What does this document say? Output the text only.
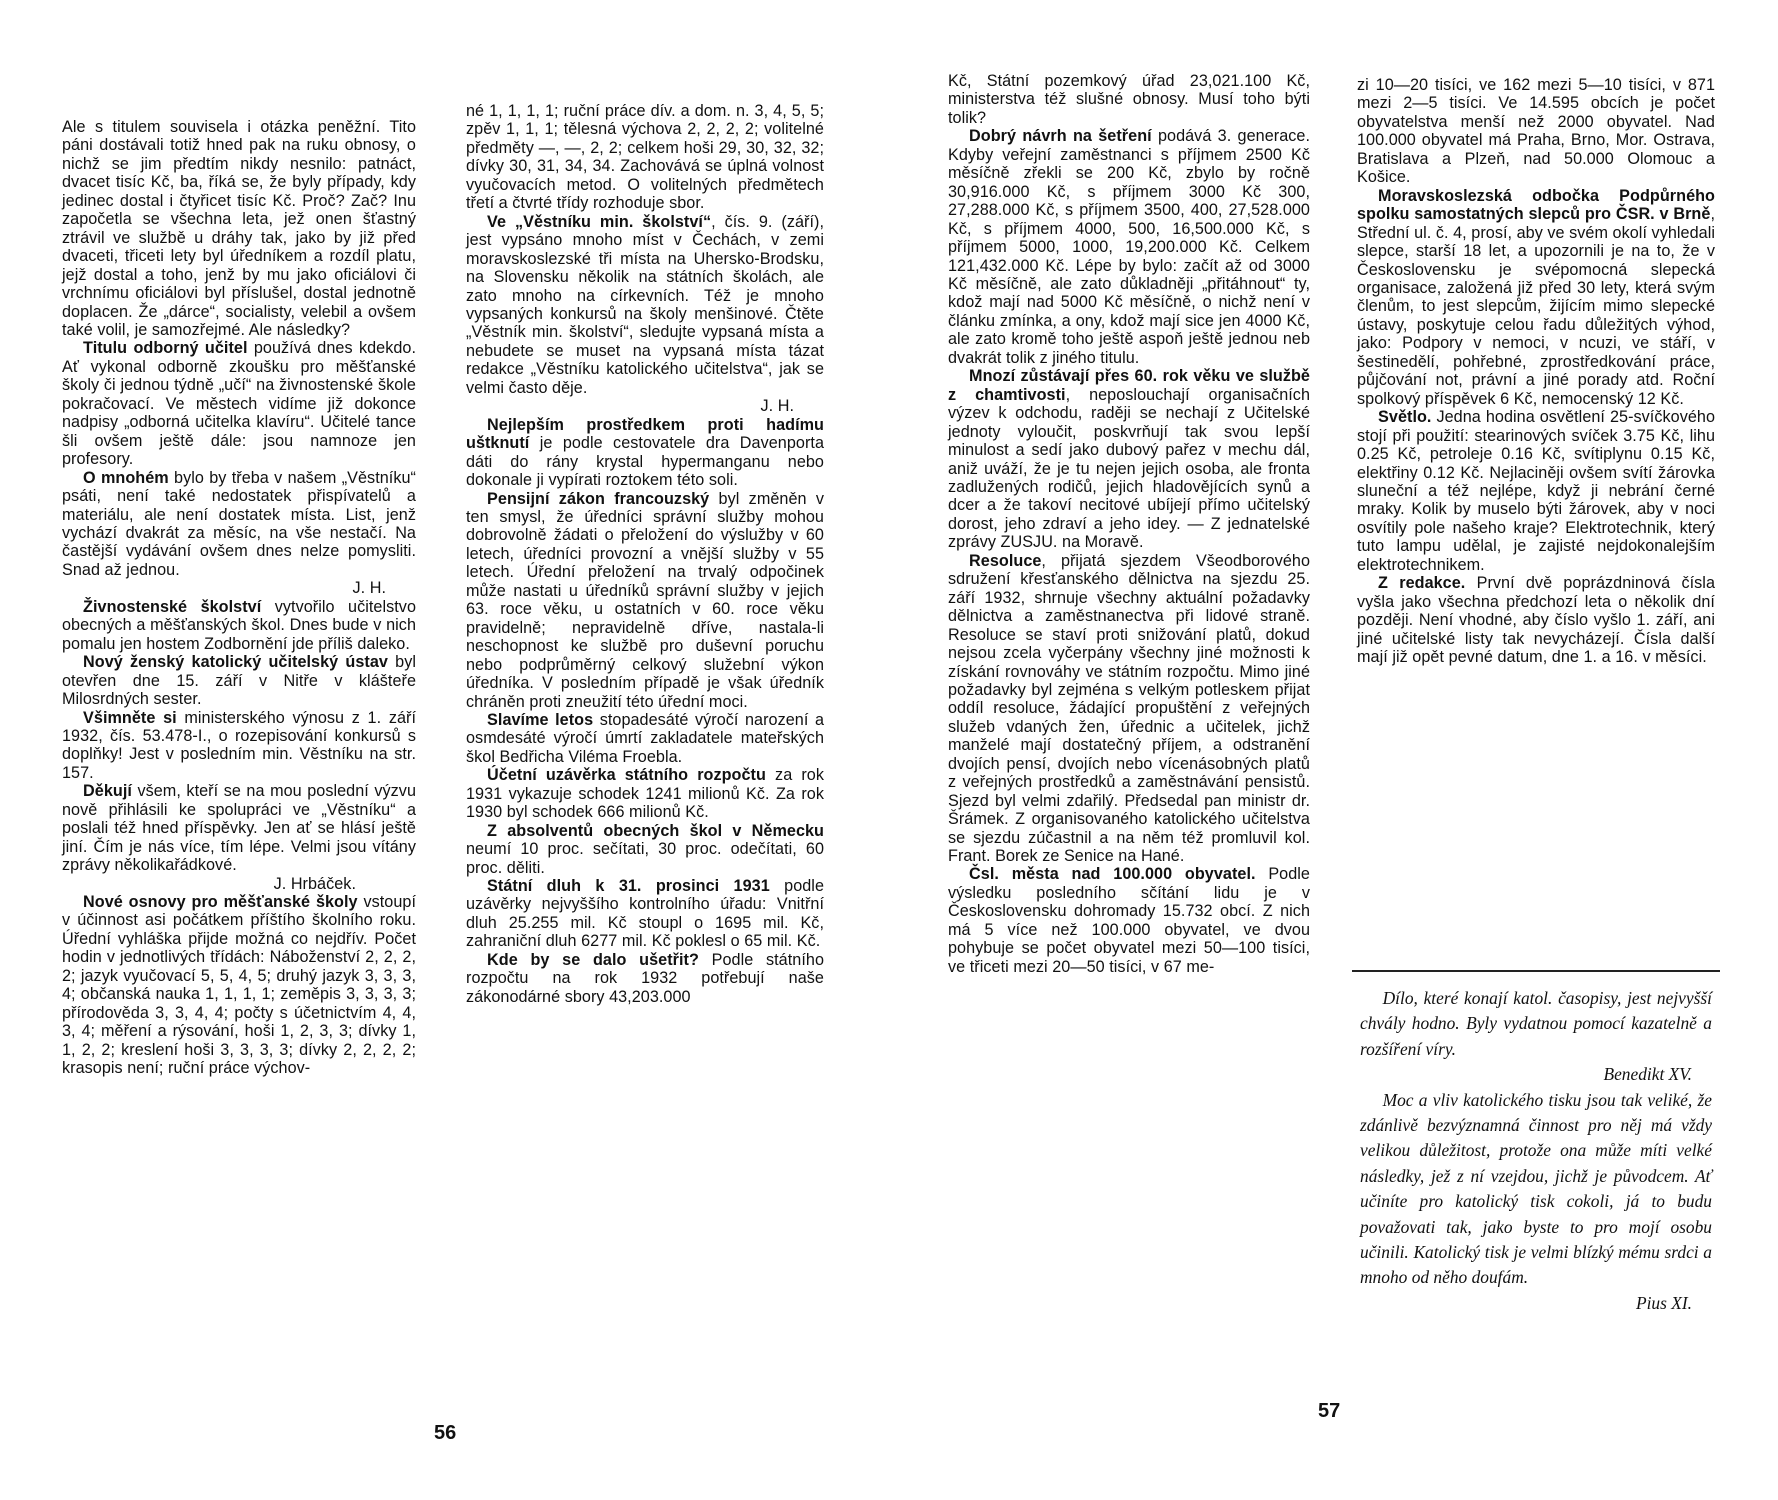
Ale s titulem souvisela i otázka peněžní. Tito páni dostávali totiž hned pak na ruku obnosy, o nichž se jim předtím nikdy nesnilo: patnáct, dvacet tisíc Kč, ba, říká se, že byly případy, kdy jedinec dostal i čtyřicet tisíc Kč. Proč? Zač? Inu započetla se všechna leta, jež onen šťastný ztrávil ve službě u dráhy tak, jako by již před dvaceti, třiceti lety byl úředníkem a rozdíl platu, jejž dostal a toho, jenž by mu jako oficiálovi či vrchnímu oficiálovi byl příslušel, dostal jednotně doplacen. Že „dárce“, socialisty, velebil a ovšem také volil, je samozřejmé. Ale následky?

Titulu odborný učitel používá dnes kdekdo. Ať vykonal odborně zkoušku pro měšťanské školy či jednou týdně „učí“ na živnostenské škole pokračovací. Ve městech vidíme již dokonce nadpisy „odborná učitelka klavíru“. Učitelé tance šli ovšem ještě dále: jsou namnoze jen profesory.

O mnohém bylo by třeba v našem „Věstníku“ psáti, není také nedostatek přispívatelů a materiálu, ale není dostatek místa. List, jenž vychází dvakrát za měsíc, na vše nestačí. Na častější vydávání ovšem dnes nelze pomysliti. Snad až jednou.

J. H.

Živnostenské školství vytvořilo učitelstvo obecných a měšťanských škol. Dnes bude v nich pomalu jen hostem Zodbornění jde příliš daleko.

Nový ženský katolický učitelský ústav byl otevřen dne 15. září v Nitře v klášteře Milosrdných sester.

Všimněte si ministerského výnosu z 1. září 1932, čís. 53.478-I., o rozepisování konkursů s doplňky! Jest v posledním min. Věstníku na str. 157.

Děkují všem, kteří se na mou poslední výzvu nově přihlásili ke spolupráci ve „Věstníku“ a poslali též hned příspěvky. Jen ať se hlásí ještě jiní. Čím je nás více, tím lépe. Velmi jsou vítány zprávy několikařádkové.

J. Hrbáček.

Nové osnovy pro měšťanské školy vstoupí v účinnost asi počátkem příštího školního roku. Úřední vyhláška přijde možná co nejdřív. Počet hodin v jednotlivých třídách: Náboženství 2, 2, 2, 2; jazyk vyučovací 5, 5, 4, 5; druhý jazyk 3, 3, 3, 4; občanská nauka 1, 1, 1, 1; zeměpis 3, 3, 3, 3; přírodověda 3, 3, 4, 4; počty s účetnictvím 4, 4, 3, 4; měření a rýsování, hoši 1, 2, 3, 3; dívky 1, 1, 2, 2; kreslení hoši 3, 3, 3, 3; dívky 2, 2, 2, 2; krasopis není; ruční práce výchov-

né 1, 1, 1, 1; ruční práce dív. a dom. n. 3, 4, 5, 5; zpěv 1, 1, 1; tělesná výchova 2, 2, 2, 2; volitelné předměty —, —, 2, 2; celkem hoši 29, 30, 32, 32; dívky 30, 31, 34, 34. Zachovává se úplná volnost vyučovacích metod. O volitelných předmětech třetí a čtvrté třídy rozhoduje sbor.

Ve „Věstníku min. školství“, čís. 9. (září), jest vypsáno mnoho míst v Čechách, v zemi moravskoslezské tři místa na Uhersko-Brodsku, na Slovensku několik na státních školách, ale zato mnoho na církevních. Též je mnoho vypsaných konkursů na školy menšinové. Čtěte „Věstník min. školství“, sledujte vypsaná místa a nebudete se muset na vypsaná místa tázat redakce „Věstníku katolického učitelstva“, jak se velmi často děje.

J. H.

Nejlepším prostředkem proti hadímu uštknutí je podle cestovatele dra Davenporta dáti do rány krystal hypermanganu nebo dokonale ji vypírati roztokem této soli.

Pensijní zákon francouzský byl změněn v ten smysl, že úředníci správní služby mohou dobrovolně žádati o přeložení do výslužby v 60 letech, úředníci provozní a vnější služby v 55 letech. Úřední přeložení na trvalý odpočinek může nastati u úředníků správní služby v jejich 63. roce věku, u ostatních v 60. roce věku pravidelně; nepravidelně dříve, nastala-li neschopnost ke službě pro duševní poruchu nebo podprůměrný celkový služební výkon úředníka. V posledním případě je však úředník chráněn proti zneužití této úřední moci.

Slavíme letos stopadesáté výročí narození a osmdesáté výročí úmrtí zakladatele mateřských škol Bedřicha Viléma Froebla.

Účetní uzávěrka státního rozpočtu za rok 1931 vykazuje schodek 1241 milionů Kč. Za rok 1930 byl schodek 666 milionů Kč.

Z absolventů obecných škol v Německu neumí 10 proc. sečítati, 30 proc. odečítati, 60 proc. děliti.

Státní dluh k 31. prosinci 1931 podle uzávěrky nejvyššího kontrolního úřadu: Vnitřní dluh 25.255 mil. Kč stoupl o 1695 mil. Kč, zahraniční dluh 6277 mil. Kč poklesl o 65 mil. Kč.

Kde by se dalo ušetřit? Podle státního rozpočtu na rok 1932 potřebují naše zákonodárné sbory 43,203.000

Kč, Státní pozemkový úřad 23,021.100 Kč, ministerstva též slušné obnosy. Musí toho býti tolik?

Dobrý návrh na šetření podává 3. generace. Kdyby veřejní zaměstnanci s příjmem 2500 Kč měsíčně zřekli se 200 Kč, zbylo by ročně 30,916.000 Kč, s příjmem 3000 Kč 300, 27,288.000 Kč, s příjmem 3500, 400, 27,528.000 Kč, s příjmem 4000, 500, 16,500.000 Kč, s příjmem 5000, 1000, 19,200.000 Kč. Celkem 121,432.000 Kč. Lépe by bylo: začít až od 3000 Kč měsíčně, ale zato důkladněji „přitáhnout“ ty, kdož mají nad 5000 Kč měsíčně, o nichž není v článku zmínka, a ony, kdož mají sice jen 4000 Kč, ale zato kromě toho ještě aspoň ještě jednou neb dvakrát tolik z jiného titulu.

Mnozí zůstávají přes 60. rok věku ve službě z chamtivosti, neposlouchají organisačních výzev k odchodu, raději se nechají z Učitelské jednoty vyloučit, poskvrňují tak svou lepší minulost a sedí jako dubový pařez v mechu dál, aniž uváží, že je tu nejen jejich osoba, ale fronta zadlužených rodičů, jejich hladovějících synů a dcer a že takoví necitové ubíjejí přímo učitelský dorost, jeho zdraví a jeho idey. — Z jednatelské zprávy ZUSJU. na Moravě.

Resoluce, přijatá sjezdem Všeodborového sdružení křesťanského dělnictva na sjezdu 25. září 1932, shrnuje všechny aktuální požadavky dělnictva a zaměstnanectva při lidové straně. Resoluce se staví proti snižování platů, dokud nejsou zcela vyčerpány všechny jiné možnosti k získání rovnováhy ve státním rozpočtu. Mimo jiné požadavky byl zejména s velkým potleskem přijat oddíl resoluce, žádající propuštění z veřejných služeb vdaných žen, úřednic a učitelek, jichž manželé mají dostatečný příjem, a odstranění dvojích pensí, dvojích nebo vícenásobných platů z veřejných prostředků a zaměstnávání pensistů. Sjezd byl velmi zdařilý. Předsedal pan ministr dr. Šrámek. Z organisovaného katolického učitelstva se sjezdu zúčastnil a na něm též promluvil kol. Frant. Borek ze Senice na Hané.

Čsl. města nad 100.000 obyvatel. Podle výsledku posledního sčítání lidu je v Československu dohromady 15.732 obcí. Z nich má 5 více než 100.000 obyvatel, ve dvou pohybuje se počet obyvatel mezi 50—100 tisíci, ve třiceti mezi 20—50 tisíci, v 67 me-

zi 10—20 tisíci, ve 162 mezi 5—10 tisíci, v 871 mezi 2—5 tisíci. Ve 14.595 obcích je počet obyvatelstva menší než 2000 obyvatel. Nad 100.000 obyvatel má Praha, Brno, Mor. Ostrava, Bratislava a Plzeň, nad 50.000 Olomouc a Košice.

Moravskoslezská odbočka Podpůrného spolku samostatných slepců pro ČSR. v Brně, Střední ul. č. 4, prosí, aby ve svém okolí vyhledali slepce, starší 18 let, a upozornili je na to, že v Československu je svépomocná slepecká organisace, založená již před 30 lety, která svým členům, to jest slepcům, žijícím mimo slepecké ústavy, poskytuje celou řadu důležitých výhod, jako: Podpory v nemoci, v ncuzi, ve stáří, v šestinedělí, pohřebné, zprostředkování práce, půjčování not, právní a jiné porady atd. Roční spolkový příspěvek 6 Kč, nemocenský 12 Kč.

Světlo. Jedna hodina osvětlení 25-svíčkového stojí při použití: stearinových svíček 3.75 Kč, lihu 0.25 Kč, petroleje 0.16 Kč, svítiplynu 0.15 Kč, elektřiny 0.12 Kč. Nejlaciněji ovšem svítí žárovka sluneční a též nejlépe, když ji nebrání černé mraky. Kolik by muselo býti žárovek, aby v noci osvítily pole našeho kraje? Elektrotechnik, který tuto lampu udělal, je zajisté nejdokonalejším elektrotechnikem.

Z redakce. První dvě poprázdninová čísla vyšla jako všechna předchozí leta o několik dní později. Není vhodné, aby číslo vyšlo 1. září, ani jiné učitelské listy tak nevycházejí. Čísla další mají již opět pevné datum, dne 1. a 16. v měsíci.

Dílo, které konají katol. časopisy, jest nejvyšší chvály hodno. Byly vydatnou pomocí kazatelně a rozšíření víry.

Benedikt XV.

Moc a vliv katolického tisku jsou tak veliké, že zdánlivě bezvýznamná činnost pro něj má vždy velikou důležitost, protože ona může míti velké následky, jež z ní vzejdou, jichž je původcem. Ať učiníte pro katolický tisk cokoli, já to budu považovati tak, jako byste to pro mojí osobu učinili. Katolický tisk je velmi blízký mému srdci a mnoho od něho doufám.

Pius XI.

56
57
